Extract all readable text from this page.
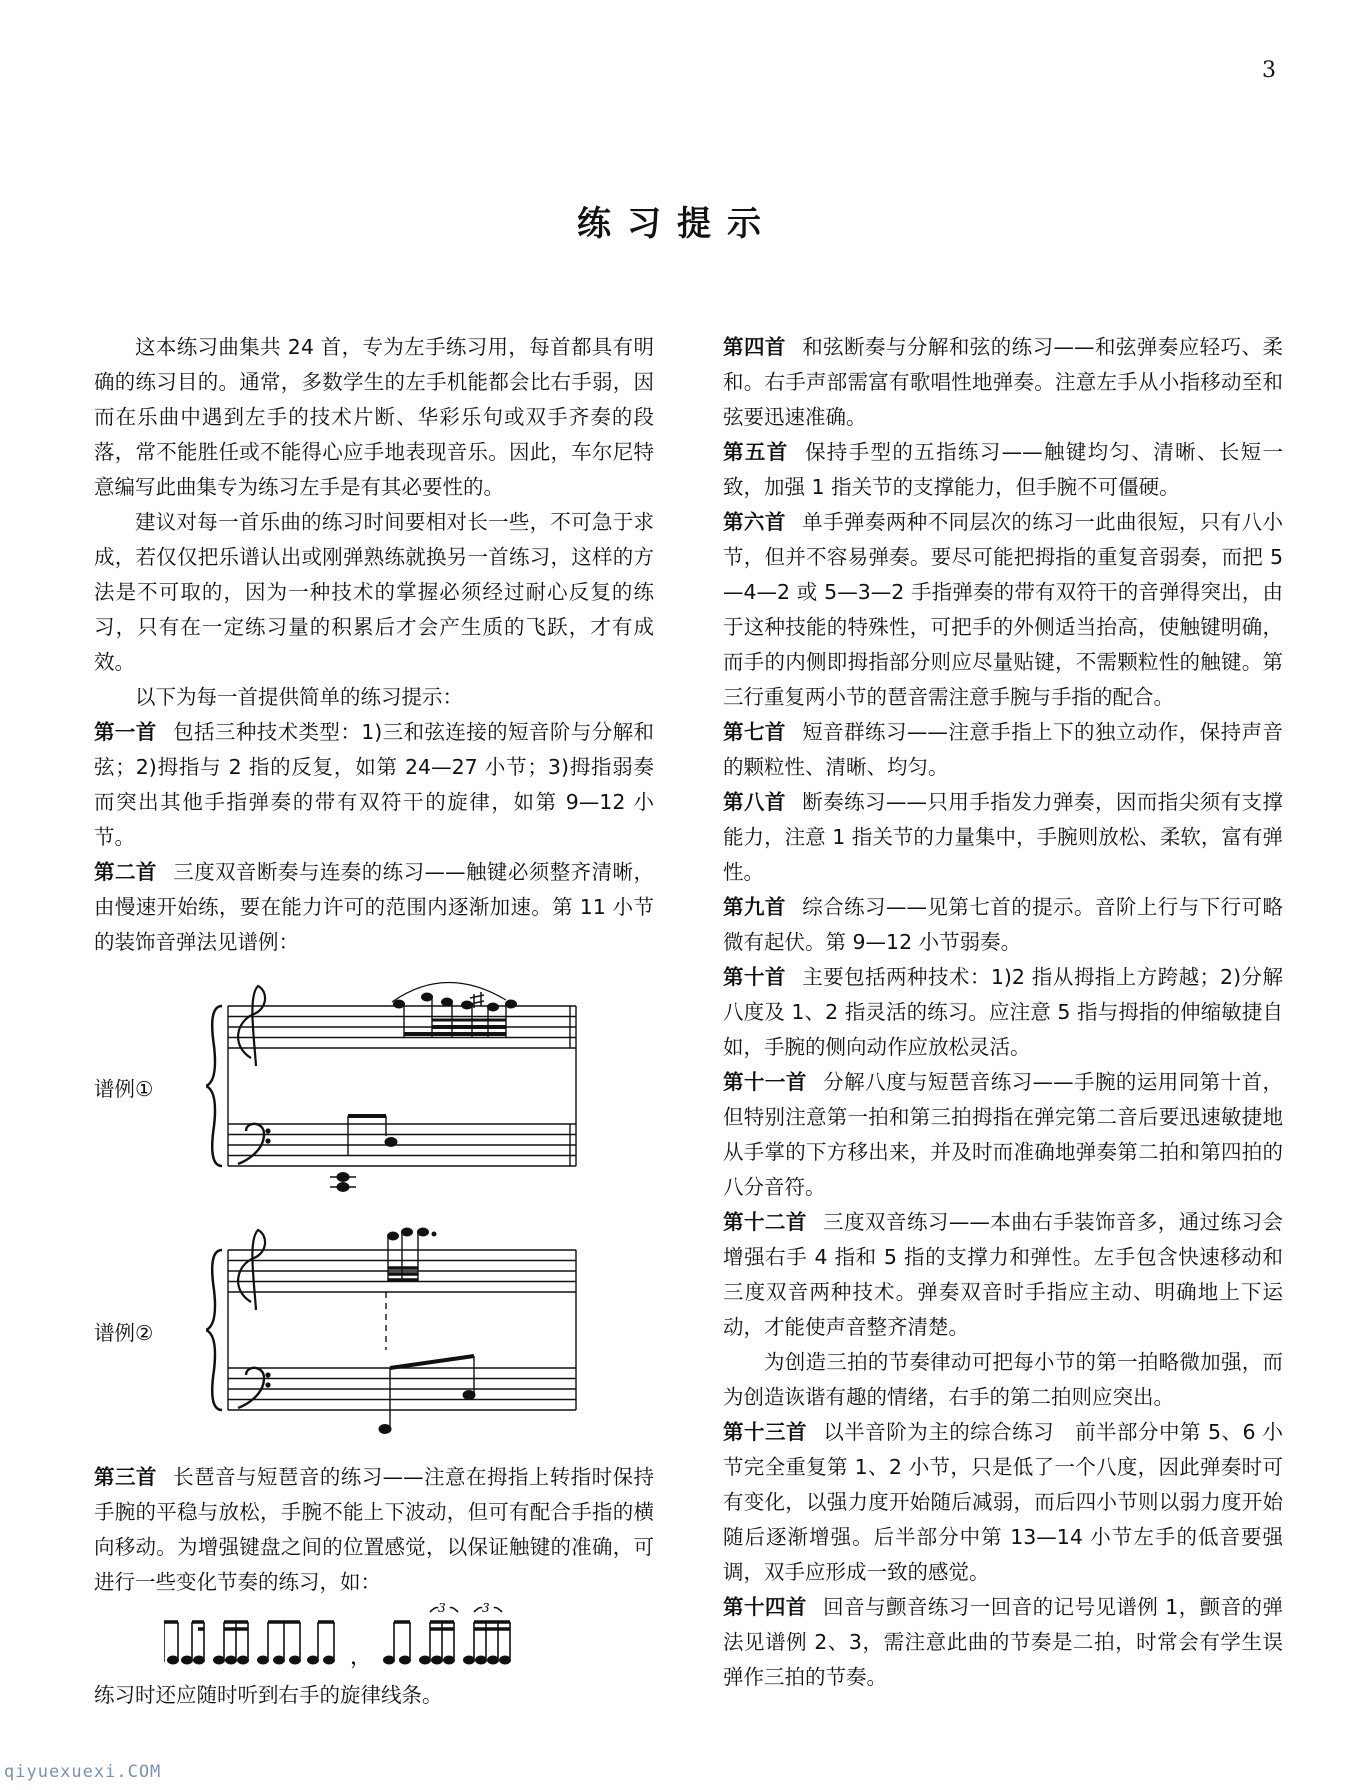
3
练习提示

这本练习曲集共 24 首，专为左手练习用，每首都具有明确的练习目的。通常，多数学生的左手机能都会比右手弱，因而在乐曲中遇到左手的技术片断、华彩乐句或双手齐奏的段落，常不能胜任或不能得心应手地表现音乐。因此，车尔尼特意编写此曲集专为练习左手是有其必要性的。

建议对每一首乐曲的练习时间要相对长一些，不可急于求成，若仅仅把乐谱认出或刚弹熟练就换另一首练习，这样的方法是不可取的，因为一种技术的掌握必须经过耐心反复的练习，只有在一定练习量的积累后才会产生质的飞跃，才有成效。

以下为每一首提供简单的练习提示：

第一首 包括三种技术类型：1)三和弦连接的短音阶与分解和弦；2)拇指与 2 指的反复，如第 24—27 小节；3)拇指弱奏而突出其他手指弹奏的带有双符干的旋律，如第 9—12 小节。

第二首 三度双音断奏与连奏的练习——触键必须整齐清晰，由慢速开始练，要在能力许可的范围内逐渐加速。第 11 小节的装饰音弹法见谱例：

谱例①
谱例②

第三首 长琶音与短琶音的练习——注意在拇指上转指时保持手腕的平稳与放松，手腕不能上下波动，但可有配合手指的横向移动。为增强键盘之间的位置感觉，以保证触键的准确，可进行一些变化节奏的练习，如：

，
3	3

练习时还应随时听到右手的旋律线条。

第四首 和弦断奏与分解和弦的练习——和弦弹奏应轻巧、柔和。右手声部需富有歌唱性地弹奏。注意左手从小指移动至和弦要迅速准确。

第五首 保持手型的五指练习——触键均匀、清晰、长短一致，加强 1 指关节的支撑能力，但手腕不可僵硬。

第六首 单手弹奏两种不同层次的练习一此曲很短，只有八小节，但并不容易弹奏。要尽可能把拇指的重复音弱奏，而把 5—4—2 或 5—3—2 手指弹奏的带有双符干的音弹得突出，由于这种技能的特殊性，可把手的外侧适当抬高，使触键明确，而手的内侧即拇指部分则应尽量贴键，不需颗粒性的触键。第三行重复两小节的琶音需注意手腕与手指的配合。

第七首 短音群练习——注意手指上下的独立动作，保持声音的颗粒性、清晰、均匀。

第八首 断奏练习——只用手指发力弹奏，因而指尖须有支撑能力，注意 1 指关节的力量集中，手腕则放松、柔软，富有弹性。

第九首 综合练习——见第七首的提示。音阶上行与下行可略微有起伏。第 9—12 小节弱奏。

第十首 主要包括两种技术：1)2 指从拇指上方跨越；2)分解八度及 1、2 指灵活的练习。应注意 5 指与拇指的伸缩敏捷自如，手腕的侧向动作应放松灵活。

第十一首 分解八度与短琶音练习——手腕的运用同第十首，但特别注意第一拍和第三拍拇指在弹完第二音后要迅速敏捷地从手掌的下方移出来，并及时而准确地弹奏第二拍和第四拍的八分音符。

第十二首 三度双音练习——本曲右手装饰音多，通过练习会增强右手 4 指和 5 指的支撑力和弹性。左手包含快速移动和三度双音两种技术。弹奏双音时手指应主动、明确地上下运动，才能使声音整齐清楚。

为创造三拍的节奏律动可把每小节的第一拍略微加强，而为创造诙谐有趣的情绪，右手的第二拍则应突出。

第十三首 以半音阶为主的综合练习　前半部分中第 5、6 小节完全重复第 1、2 小节，只是低了一个八度，因此弹奏时可有变化，以强力度开始随后减弱，而后四小节则以弱力度开始随后逐渐增强。后半部分中第 13—14 小节左手的低音要强调，双手应形成一致的感觉。

第十四首 回音与颤音练习一回音的记号见谱例 1，颤音的弹法见谱例 2、3，需注意此曲的节奏是二拍，时常会有学生误弹作三拍的节奏。

qiyuexuexi.COM
